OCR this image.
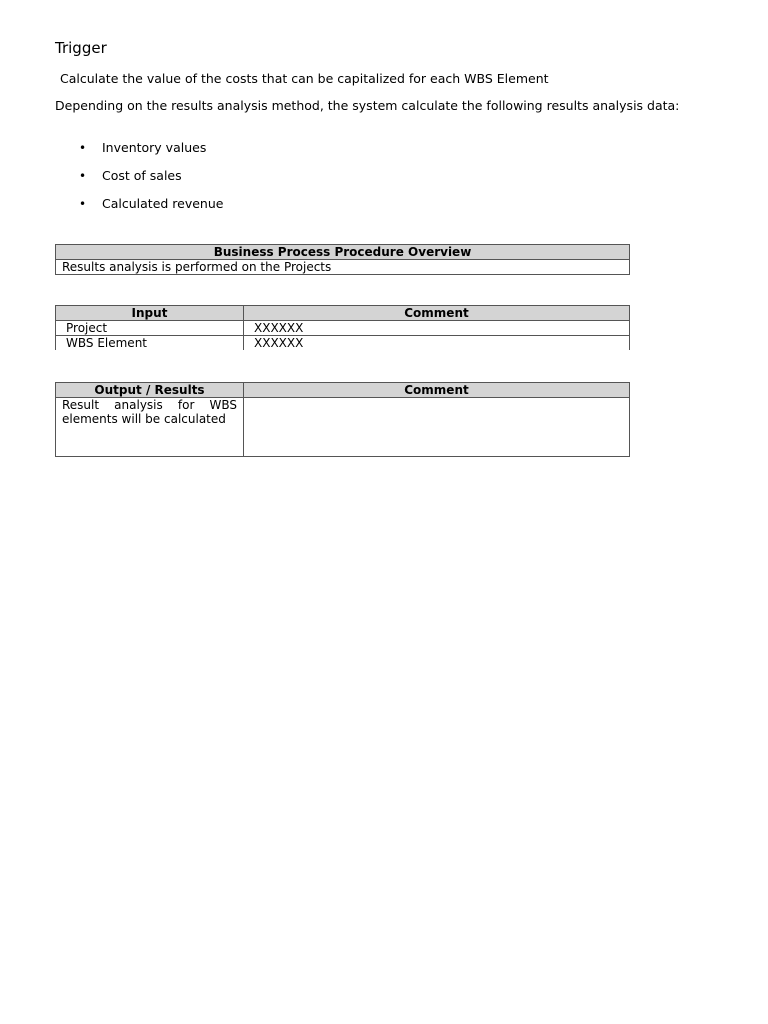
Trigger

Calculate the value of the costs that can be capitalized for each WBS Element

Depending on the results analysis method, the system calculate the following results analysis data:

• Inventory values
• Cost of sales
• Calculated revenue
Business Process Procedure Overview
Results analysis is performed on the Projects
Input	Comment
Project	XXXXXX
WBS Element	XXXXXX
Output / Results	Comment
Result analysis for WBS elements will be calculated	
